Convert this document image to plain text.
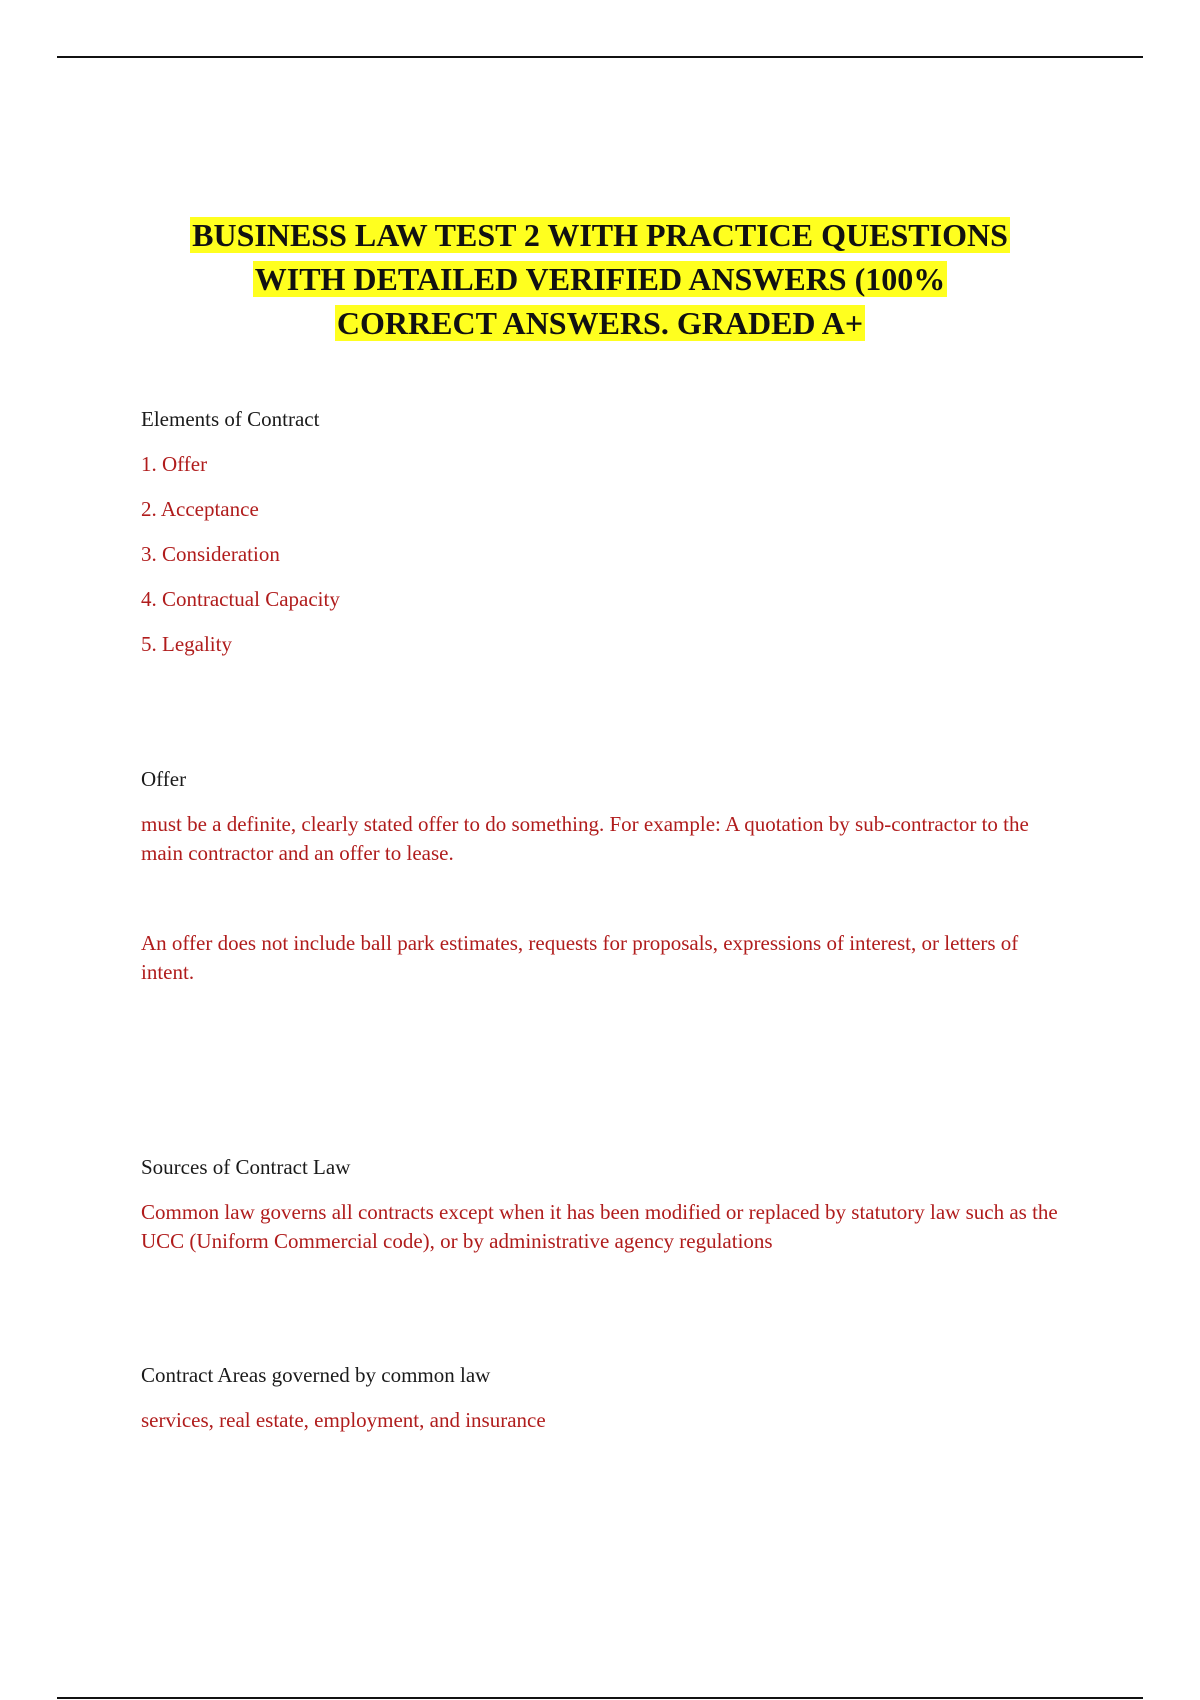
BUSINESS LAW TEST 2 WITH PRACTICE QUESTIONS
WITH DETAILED VERIFIED ANSWERS (100%
CORRECT ANSWERS. GRADED A+

Elements of Contract

1. Offer

2. Acceptance

3. Consideration

4. Contractual Capacity

5. Legality

Offer

must be a definite, clearly stated offer to do something. For example: A quotation by sub-contractor to the main contractor and an offer to lease.

An offer does not include ball park estimates, requests for proposals, expressions of interest, or letters of intent.

Sources of Contract Law

Common law governs all contracts except when it has been modified or replaced by statutory law such as the UCC (Uniform Commercial code), or by administrative agency regulations

Contract Areas governed by common law

services, real estate, employment, and insurance
